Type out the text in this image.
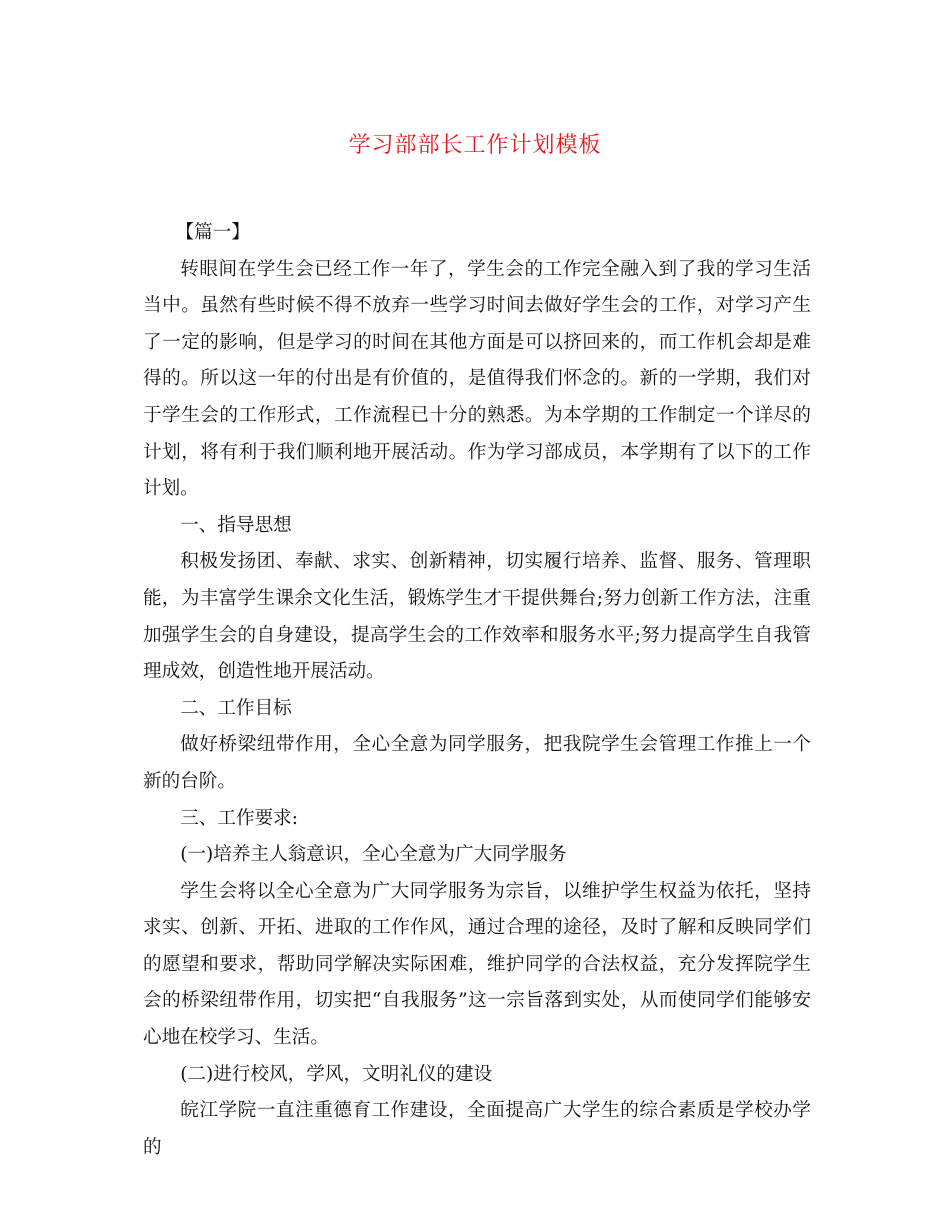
学习部部长工作计划模板

【篇一】

转眼间在学生会已经工作一年了，学生会的工作完全融入到了我的学习生活当中。虽然有些时候不得不放弃一些学习时间去做好学生会的工作，对学习产生了一定的影响，但是学习的时间在其他方面是可以挤回来的，而工作机会却是难得的。所以这一年的付出是有价值的，是值得我们怀念的。新的一学期，我们对于学生会的工作形式，工作流程已十分的熟悉。为本学期的工作制定一个详尽的计划，将有利于我们顺利地开展活动。作为学习部成员，本学期有了以下的工作计划。

一、指导思想

积极发扬团、奉献、求实、创新精神，切实履行培养、监督、服务、管理职能，为丰富学生课余文化生活，锻炼学生才干提供舞台;努力创新工作方法，注重加强学生会的自身建设，提高学生会的工作效率和服务水平;努力提高学生自我管理成效，创造性地开展活动。

二、工作目标

做好桥梁纽带作用，全心全意为同学服务，把我院学生会管理工作推上一个新的台阶。

三、工作要求:

(一)培养主人翁意识，全心全意为广大同学服务

学生会将以全心全意为广大同学服务为宗旨，以维护学生权益为依托，坚持求实、创新、开拓、进取的工作作风，通过合理的途径，及时了解和反映同学们的愿望和要求，帮助同学解决实际困难，维护同学的合法权益，充分发挥院学生会的桥梁纽带作用，切实把“自我服务”这一宗旨落到实处，从而使同学们能够安心地在校学习、生活。

(二)进行校风，学风，文明礼仪的建设

皖江学院一直注重德育工作建设，全面提高广大学生的综合素质是学校办学的
